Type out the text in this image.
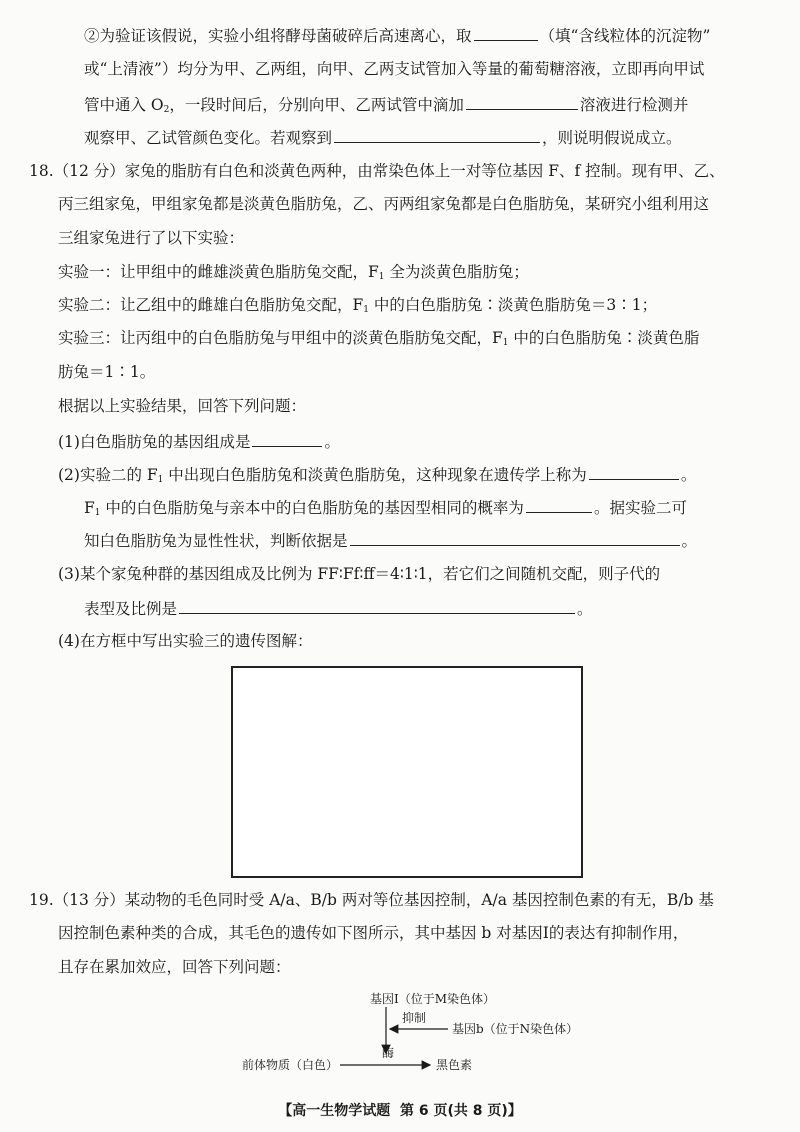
②为验证该假说，实验小组将酵母菌破碎后高速离心，取	（填“含线粒体的沉淀物”
或“上清液”）均分为甲、乙两组，向甲、乙两支试管加入等量的葡萄糖溶液，立即再向甲试
管中通入 $O_2$，一段时间后，分别向甲、乙两试管中滴加	溶液进行检测并
观察甲、乙试管颜色变化。若观察到	，则说明假说成立。
18.（12 分）家兔的脂肪有白色和淡黄色两种，由常染色体上一对等位基因 F、f 控制。现有甲、乙、
丙三组家兔，甲组家兔都是淡黄色脂肪兔，乙、丙两组家兔都是白色脂肪兔，某研究小组利用这
三组家兔进行了以下实验：
实验一：让甲组中的雌雄淡黄色脂肪兔交配，$F_1$ 全为淡黄色脂肪兔；
实验二：让乙组中的雌雄白色脂肪兔交配，$F_1$ 中的白色脂肪兔∶淡黄色脂肪兔＝3∶1；
实验三：让丙组中的白色脂肪兔与甲组中的淡黄色脂肪兔交配，$F_1$ 中的白色脂肪兔∶淡黄色脂
肪兔＝1∶1。
根据以上实验结果，回答下列问题：
(1)白色脂肪兔的基因组成是	。
(2)实验二的 $F_1$ 中出现白色脂肪兔和淡黄色脂肪兔，这种现象在遗传学上称为	。
$F_1$ 中的白色脂肪兔与亲本中的白色脂肪兔的基因型相同的概率为	。据实验二可
知白色脂肪兔为显性性状，判断依据是	。
(3)某个家兔种群的基因组成及比例为 FF∶Ff∶ff＝4∶1∶1，若它们之间随机交配，则子代的
表型及比例是	。
(4)在方框中写出实验三的遗传图解：
19.（13 分）某动物的毛色同时受 A/a、B/b 两对等位基因控制，A/a 基因控制色素的有无，B/b 基
因控制色素种类的合成，其毛色的遗传如下图所示，其中基因 b 对基因Ⅰ的表达有抑制作用，
且存在累加效应，回答下列问题：
基因Ⅰ（位于M染色体）
抑制
基因b（位于N染色体）
酶
前体物质（白色）	黑色素
【高一生物学试题 第 6 页(共 8 页)】
